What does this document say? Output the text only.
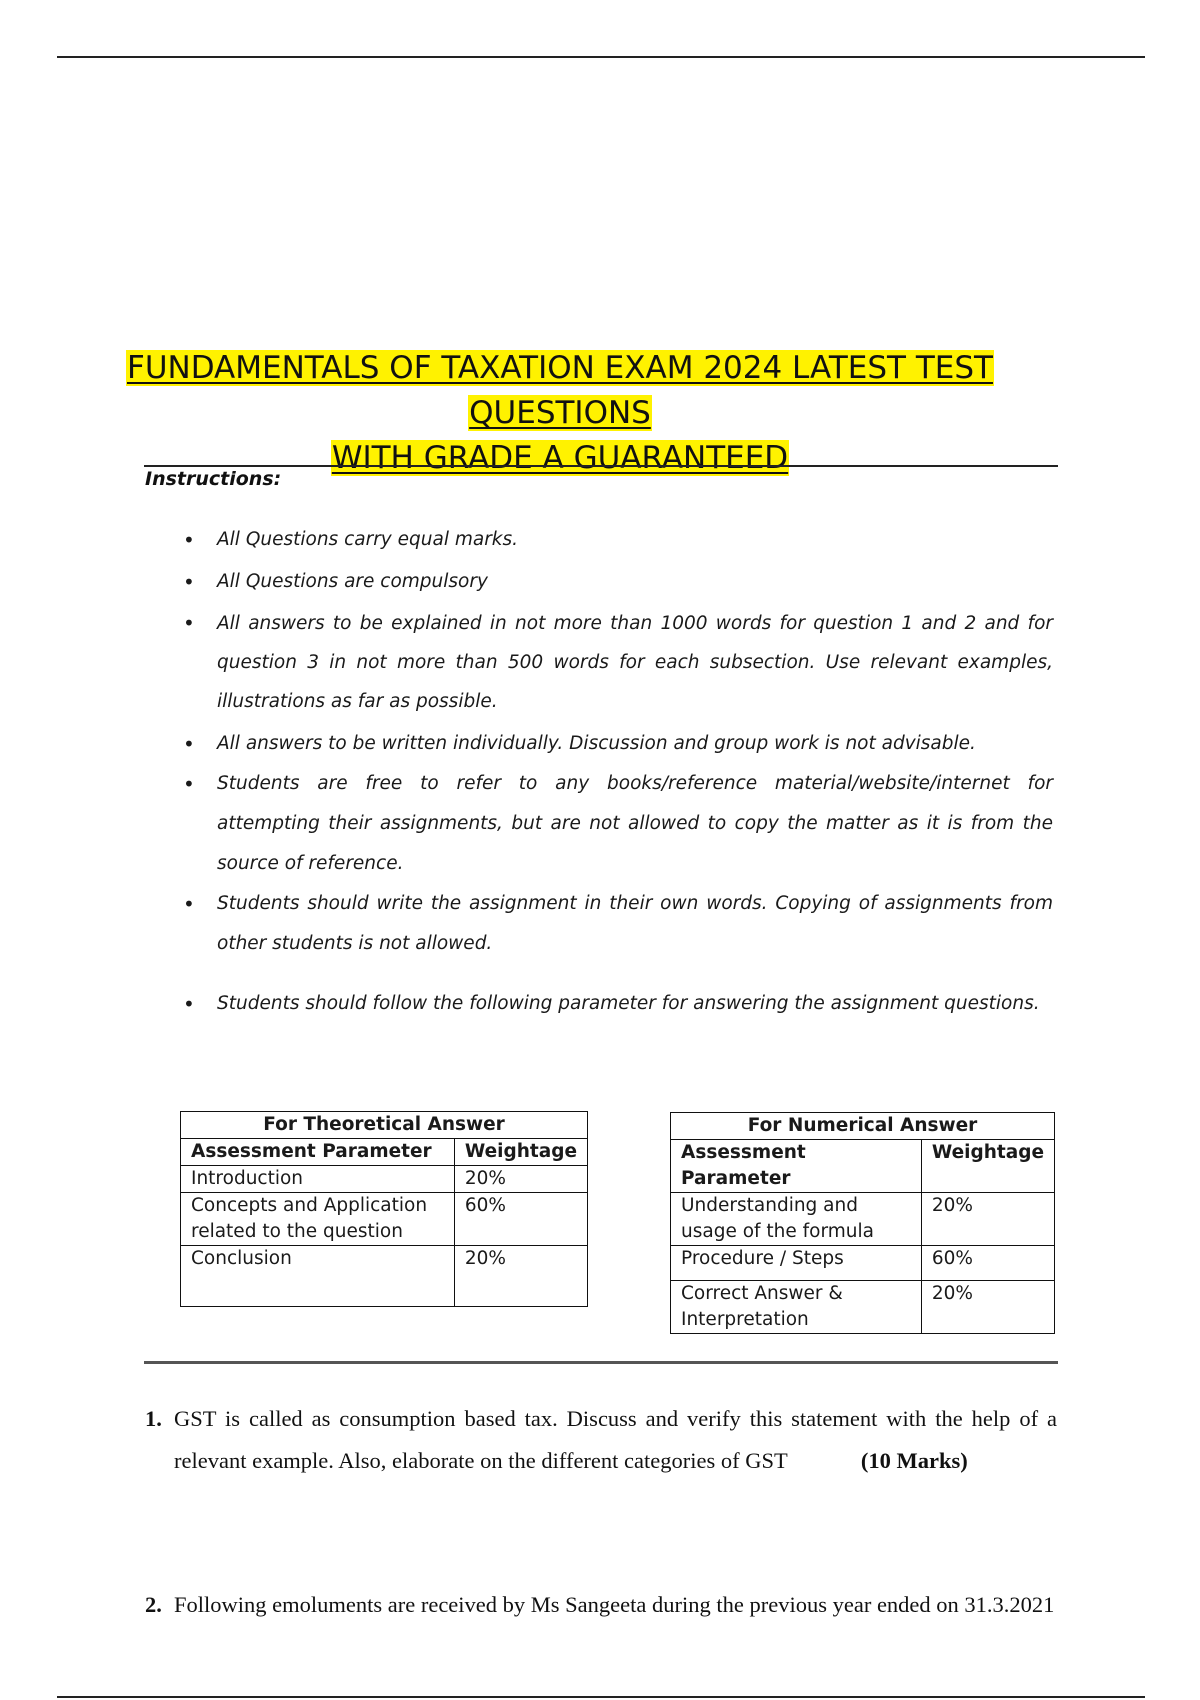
FUNDAMENTALS OF TAXATION EXAM 2024 LATEST TEST QUESTIONS
WITH GRADE A GUARANTEED
Instructions:
• All Questions carry equal marks.
• All Questions are compulsory
• All answers to be explained in not more than 1000 words for question 1 and 2 and for question 3 in not more than 500 words for each subsection. Use relevant examples, illustrations as far as possible.
• All answers to be written individually. Discussion and group work is not advisable.
• Students are free to refer to any books/reference material/website/internet for attempting their assignments, but are not allowed to copy the matter as it is from the source of reference.
• Students should write the assignment in their own words. Copying of assignments from other students is not allowed.
• Students should follow the following parameter for answering the assignment questions.
For Theoretical Answer	
Assessment Parameter	Weightage
Introduction	20%
Concepts and Application related to the question	60%
Conclusion	20%
For Numerical Answer	
Assessment Parameter	Weightage
Understanding and usage of the formula	20%
Procedure / Steps	60%
Correct Answer & Interpretation	20%
1. GST is called as consumption based tax. Discuss and verify this statement with the help of a relevant example. Also, elaborate on the different categories of GST	(10 Marks)
2. Following emoluments are received by Ms Sangeeta during the previous year ended on 31.3.2021
